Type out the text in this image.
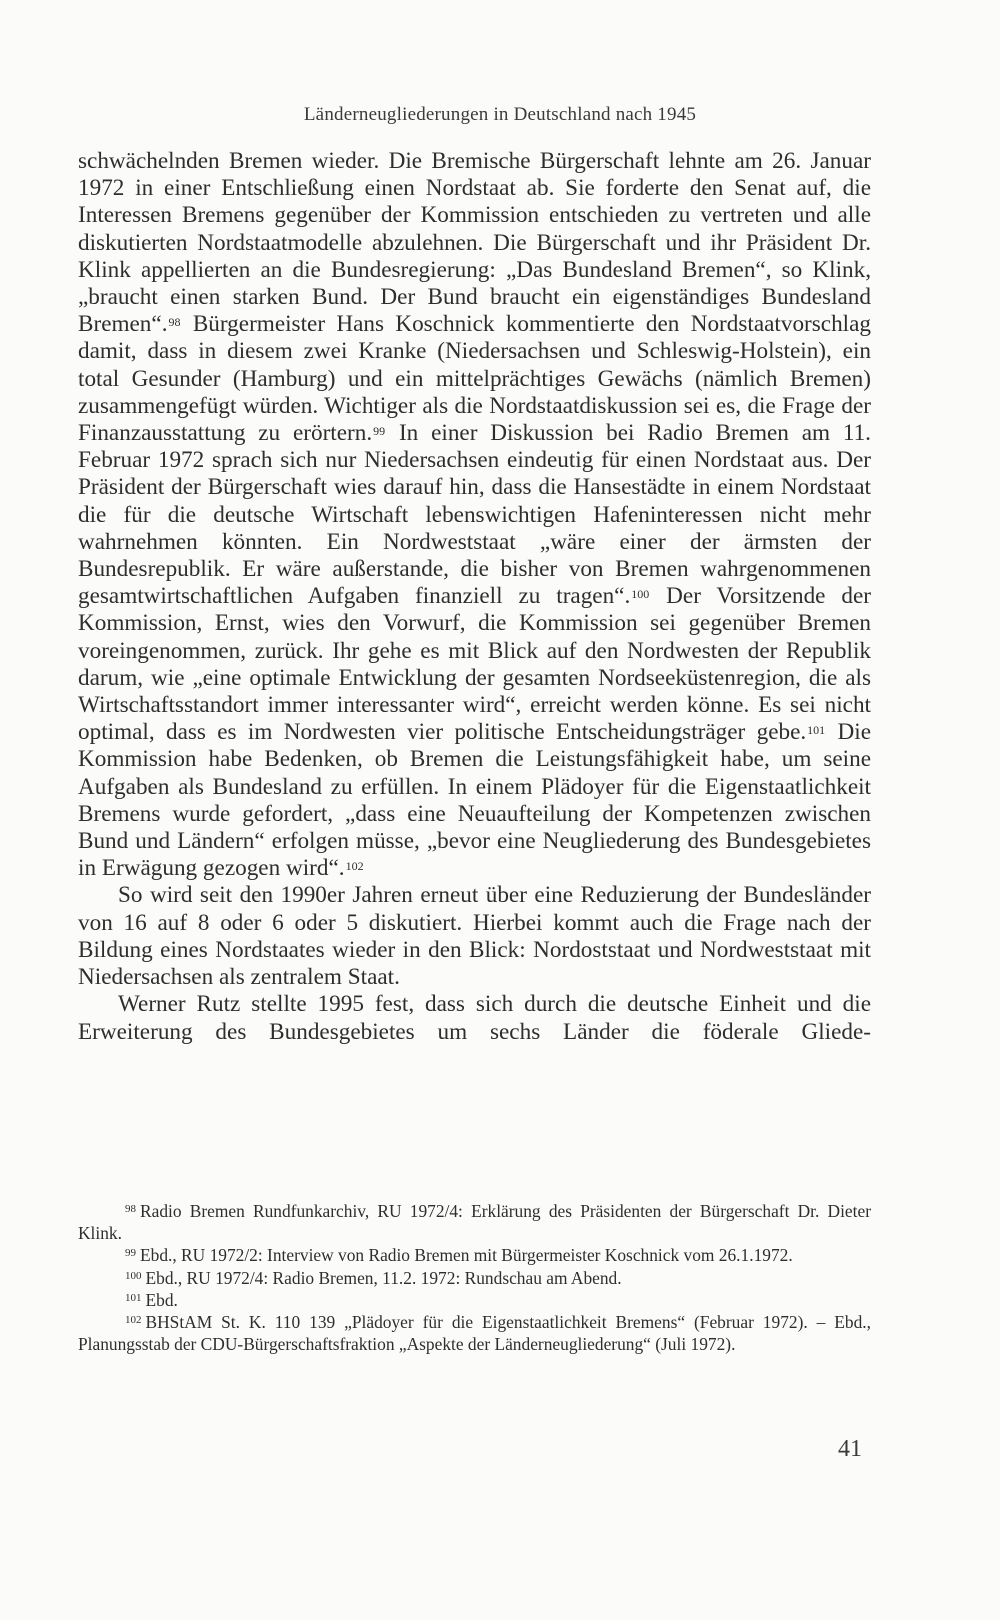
Länderneugliederungen in Deutschland nach 1945

schwächelnden Bremen wieder. Die Bremische Bürgerschaft lehnte am 26. Januar 1972 in einer Entschließung einen Nordstaat ab. Sie forderte den Senat auf, die Interessen Bremens gegenüber der Kommission entschieden zu vertreten und alle diskutierten Nordstaatmodelle abzulehnen. Die Bürgerschaft und ihr Präsident Dr. Klink appellierten an die Bundesregierung: „Das Bundesland Bremen“, so Klink, „braucht einen starken Bund. Der Bund braucht ein eigenständiges Bundesland Bremen“.$^{98}$ Bürgermeister Hans Koschnick kommentierte den Nordstaatvorschlag damit, dass in diesem zwei Kranke (Niedersachsen und Schleswig-Holstein), ein total Gesunder (Hamburg) und ein mittelprächtiges Gewächs (nämlich Bremen) zusammengefügt würden. Wichtiger als die Nordstaatdiskussion sei es, die Frage der Finanzausstattung zu erörtern.$^{99}$ In einer Diskussion bei Radio Bremen am 11. Februar 1972 sprach sich nur Niedersachsen eindeutig für einen Nordstaat aus. Der Präsident der Bürgerschaft wies darauf hin, dass die Hansestädte in einem Nordstaat die für die deutsche Wirtschaft lebenswichtigen Hafeninteressen nicht mehr wahrnehmen könnten. Ein Nordweststaat „wäre einer der ärmsten der Bundesrepublik. Er wäre außerstande, die bisher von Bremen wahrgenommenen gesamtwirtschaftlichen Aufgaben finanziell zu tragen“.$^{100}$ Der Vorsitzende der Kommission, Ernst, wies den Vorwurf, die Kommission sei gegenüber Bremen voreingenommen, zurück. Ihr gehe es mit Blick auf den Nordwesten der Republik darum, wie „eine optimale Entwicklung der gesamten Nordseeküstenregion, die als Wirtschaftsstandort immer interessanter wird“, erreicht werden könne. Es sei nicht optimal, dass es im Nordwesten vier politische Entscheidungsträger gebe.$^{101}$ Die Kommission habe Bedenken, ob Bremen die Leistungsfähigkeit habe, um seine Aufgaben als Bundesland zu erfüllen. In einem Plädoyer für die Eigenstaatlichkeit Bremens wurde gefordert, „dass eine Neuaufteilung der Kompetenzen zwischen Bund und Ländern“ erfolgen müsse, „bevor eine Neugliederung des Bundesgebietes in Erwägung gezogen wird“.$^{102}$

So wird seit den 1990er Jahren erneut über eine Reduzierung der Bundesländer von 16 auf 8 oder 6 oder 5 diskutiert. Hierbei kommt auch die Frage nach der Bildung eines Nordstaates wieder in den Blick: Nordoststaat und Nordweststaat mit Niedersachsen als zentralem Staat.

Werner Rutz stellte 1995 fest, dass sich durch die deutsche Einheit und die Erweiterung des Bundesgebietes um sechs Länder die föderale Gliede-

$^{98}$ Radio Bremen Rundfunkarchiv, RU 1972/4: Erklärung des Präsidenten der Bürgerschaft Dr. Dieter Klink.

$^{99}$ Ebd., RU 1972/2: Interview von Radio Bremen mit Bürgermeister Koschnick vom 26.1.1972.

$^{100}$ Ebd., RU 1972/4: Radio Bremen, 11.2. 1972: Rundschau am Abend.

$^{101}$ Ebd.

$^{102}$ BHStAM St. K. 110 139 „Plädoyer für die Eigenstaatlichkeit Bremens“ (Februar 1972). – Ebd., Planungsstab der CDU-Bürgerschaftsfraktion „Aspekte der Länderneugliederung“ (Juli 1972).

41
